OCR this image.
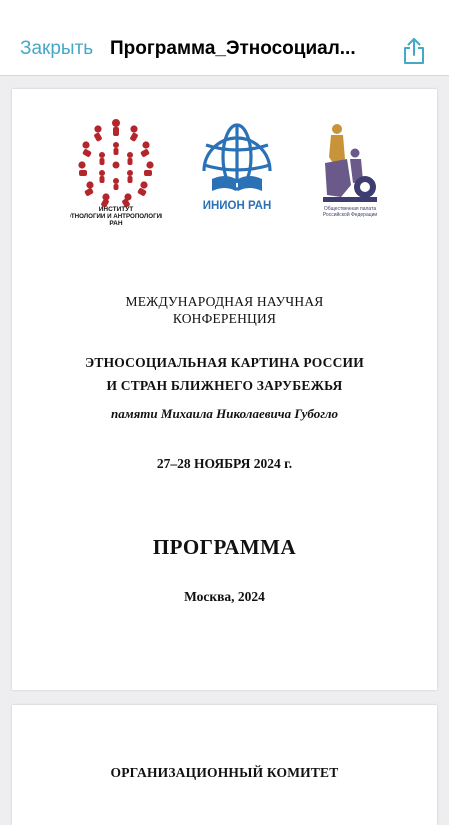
Закрыть Программа_Этносоциал...
ИНСТИТУТ
ЭТНОЛОГИИ И АНТРОПОЛОГИИ
РАН
ИНИОН РАН	Общественная палата
Российской Федерации
МЕЖДУНАРОДНАЯ НАУЧНАЯ
КОНФЕРЕНЦИЯ
ЭТНОСОЦИАЛЬНАЯ КАРТИНА РОССИИ
И СТРАН БЛИЖНЕГО ЗАРУБЕЖЬЯ
памяти Михаила Николаевича Губогло
27–28 НОЯБРЯ 2024 г.
ПРОГРАММА
Москва, 2024
ОРГАНИЗАЦИОННЫЙ КОМИТЕТ
